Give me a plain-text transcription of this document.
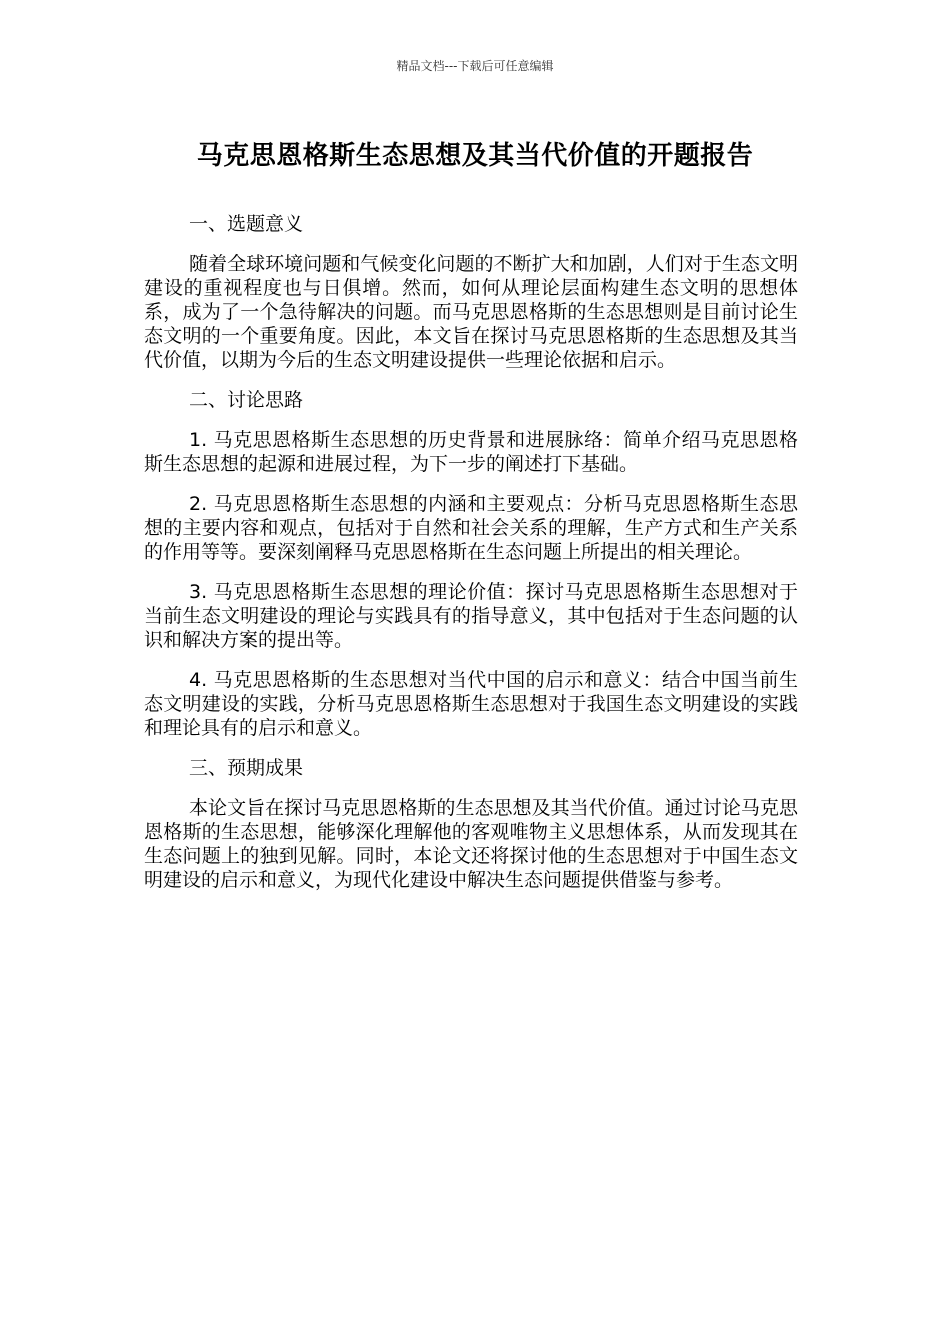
精品文档---下载后可任意编辑
马克思恩格斯生态思想及其当代价值的开题报告

一、选题意义

随着全球环境问题和气候变化问题的不断扩大和加剧，人们对于生态文明建设的重视程度也与日俱增。然而，如何从理论层面构建生态文明的思想体系，成为了一个急待解决的问题。而马克思恩格斯的生态思想则是目前讨论生态文明的一个重要角度。因此，本文旨在探讨马克思恩格斯的生态思想及其当代价值，以期为今后的生态文明建设提供一些理论依据和启示。

二、讨论思路

1. 马克思恩格斯生态思想的历史背景和进展脉络：简单介绍马克思恩格斯生态思想的起源和进展过程，为下一步的阐述打下基础。

2. 马克思恩格斯生态思想的内涵和主要观点：分析马克思恩格斯生态思想的主要内容和观点，包括对于自然和社会关系的理解，生产方式和生产关系的作用等等。要深刻阐释马克思恩格斯在生态问题上所提出的相关理论。

3. 马克思恩格斯生态思想的理论价值：探讨马克思恩格斯生态思想对于当前生态文明建设的理论与实践具有的指导意义，其中包括对于生态问题的认识和解决方案的提出等。

4. 马克思恩格斯的生态思想对当代中国的启示和意义：结合中国当前生态文明建设的实践，分析马克思恩格斯生态思想对于我国生态文明建设的实践和理论具有的启示和意义。

三、预期成果

本论文旨在探讨马克思恩格斯的生态思想及其当代价值。通过讨论马克思恩格斯的生态思想，能够深化理解他的客观唯物主义思想体系，从而发现其在生态问题上的独到见解。同时，本论文还将探讨他的生态思想对于中国生态文明建设的启示和意义，为现代化建设中解决生态问题提供借鉴与参考。
